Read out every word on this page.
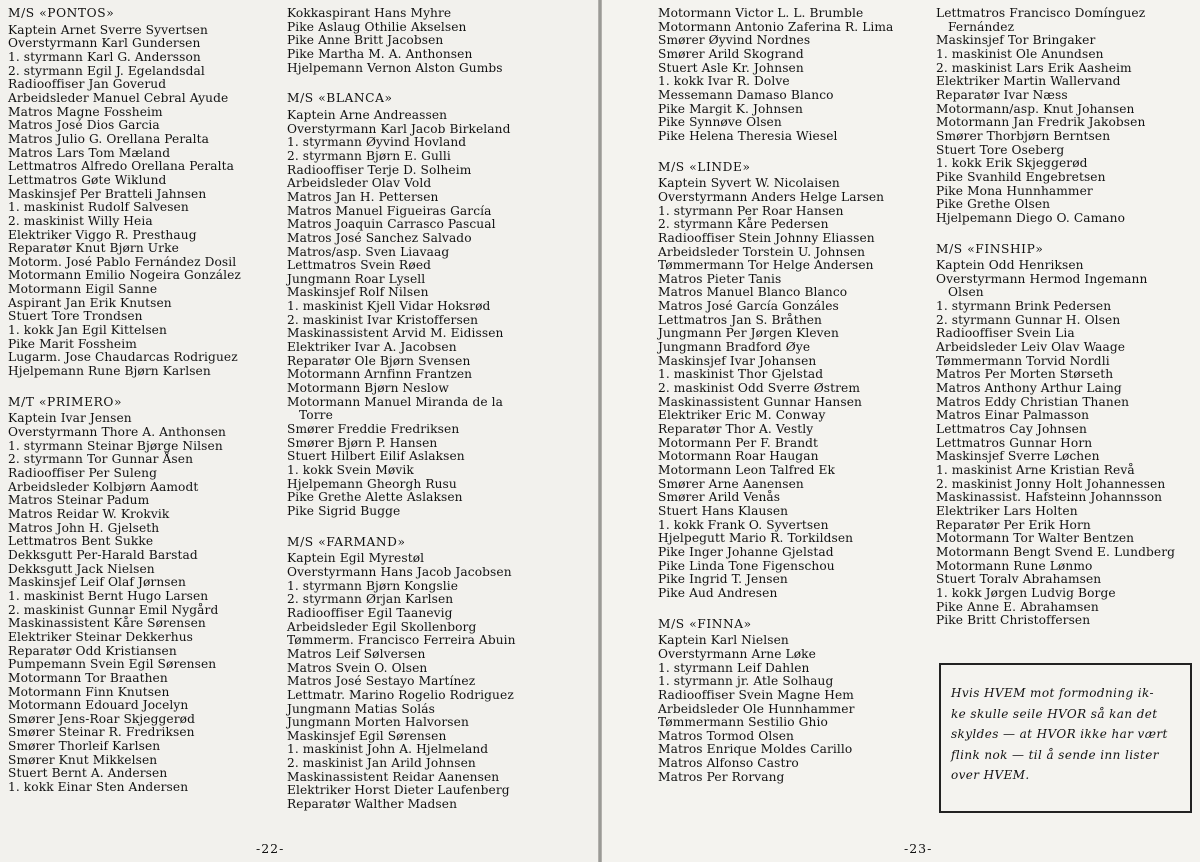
M/S «PONTOS»
Kaptein Arnet Sverre Syvertsen
Overstyrmann Karl Gundersen
1. styrmann Karl G. Andersson
2. styrmann Egil J. Egelandsdal
Radiooffiser Jan Goverud
Arbeidsleder Manuel Cebral Ayude
Matros Magne Fossheim
Matros José Dios Garcia
Matros Julio G. Orellana Peralta
Matros Lars Tom Mæland
Lettmatros Alfredo Orellana Peralta
Lettmatros Gøte Wiklund
Maskinsjef Per Bratteli Jahnsen
1. maskinist Rudolf Salvesen
2. maskinist Willy Heia
Elektriker Viggo R. Presthaug
Reparatør Knut Bjørn Urke
Motorm. José Pablo Fernández Dosil
Motormann Emilio Nogeira González
Motormann Eigil Sanne
Aspirant Jan Erik Knutsen
Stuert Tore Trondsen
1. kokk Jan Egil Kittelsen
Pike Marit Fossheim
Lugarm. Jose Chaudarcas Rodriguez
Hjelpemann Rune Bjørn Karlsen
M/T «PRIMERO»
Kaptein Ivar Jensen
Overstyrmann Thore A. Anthonsen
1. styrmann Steinar Bjørge Nilsen
2. styrmann Tor Gunnar Åsen
Radiooffiser Per Suleng
Arbeidsleder Kolbjørn Aamodt
Matros Steinar Padum
Matros Reidar W. Krokvik
Matros John H. Gjelseth
Lettmatros Bent Sukke
Dekksgutt Per-Harald Barstad
Dekksgutt Jack Nielsen
Maskinsjef Leif Olaf Jørnsen
1. maskinist Bernt Hugo Larsen
2. maskinist Gunnar Emil Nygård
Maskinassistent Kåre Sørensen
Elektriker Steinar Dekkerhus
Reparatør Odd Kristiansen
Pumpemann Svein Egil Sørensen
Motormann Tor Braathen
Motormann Finn Knutsen
Motormann Edouard Jocelyn
Smører Jens-Roar Skjeggerød
Smører Steinar R. Fredriksen
Smører Thorleif Karlsen
Smører Knut Mikkelsen
Stuert Bernt A. Andersen
1. kokk Einar Sten Andersen
Kokkaspirant Hans Myhre
Pike Aslaug Othilie Akselsen
Pike Anne Britt Jacobsen
Pike Martha M. A. Anthonsen
Hjelpemann Vernon Alston Gumbs
M/S «BLANCA»
Kaptein Arne Andreassen
Overstyrmann Karl Jacob Birkeland
1. styrmann Øyvind Hovland
2. styrmann Bjørn E. Gulli
Radiooffiser Terje D. Solheim
Arbeidsleder Olav Vold
Matros Jan H. Pettersen
Matros Manuel Figueiras García
Matros Joaquin Carrasco Pascual
Matros José Sanchez Salvado
Matros/asp. Sven Liavaag
Lettmatros Svein Røed
Jungmann Roar Lysell
Maskinsjef Rolf Nilsen
1. maskinist Kjell Vidar Hoksrød
2. maskinist Ivar Kristoffersen
Maskinassistent Arvid M. Eidissen
Elektriker Ivar A. Jacobsen
Reparatør Ole Bjørn Svensen
Motormann Arnfinn Frantzen
Motormann Bjørn Neslow
Motormann Manuel Miranda de la
Torre
Smører Freddie Fredriksen
Smører Bjørn P. Hansen
Stuert Hilbert Eilif Aslaksen
1. kokk Svein Møvik
Hjelpemann Gheorgh Rusu
Pike Grethe Alette Aslaksen
Pike Sigrid Bugge
M/S «FARMAND»
Kaptein Egil Myrestøl
Overstyrmann Hans Jacob Jacobsen
1. styrmann Bjørn Kongslie
2. styrmann Ørjan Karlsen
Radiooffiser Egil Taanevig
Arbeidsleder Egil Skollenborg
Tømmerm. Francisco Ferreira Abuin
Matros Leif Sølversen
Matros Svein O. Olsen
Matros José Sestayo Martínez
Lettmatr. Marino Rogelio Rodriguez
Jungmann Matias Solás
Jungmann Morten Halvorsen
Maskinsjef Egil Sørensen
1. maskinist John A. Hjelmeland
2. maskinist Jan Arild Johnsen
Maskinassistent Reidar Aanensen
Elektriker Horst Dieter Laufenberg
Reparatør Walther Madsen
-22-
Motormann Victor L. L. Brumble
Motormann Antonio Zaferina R. Lima
Smører Øyvind Nordnes
Smører Arild Skogrand
Stuert Asle Kr. Johnsen
1. kokk Ivar R. Dolve
Messemann Damaso Blanco
Pike Margit K. Johnsen
Pike Synnøve Olsen
Pike Helena Theresia Wiesel
M/S «LINDE»
Kaptein Syvert W. Nicolaisen
Overstyrmann Anders Helge Larsen
1. styrmann Per Roar Hansen
2. styrmann Kåre Pedersen
Radiooffiser Stein Johnny Eliassen
Arbeidsleder Torstein U. Johnsen
Tømmermann Tor Helge Andersen
Matros Pieter Tanis
Matros Manuel Blanco Blanco
Matros José García Gonzáles
Lettmatros Jan S. Bråthen
Jungmann Per Jørgen Kleven
Jungmann Bradford Øye
Maskinsjef Ivar Johansen
1. maskinist Thor Gjelstad
2. maskinist Odd Sverre Østrem
Maskinassistent Gunnar Hansen
Elektriker Eric M. Conway
Reparatør Thor A. Vestly
Motormann Per F. Brandt
Motormann Roar Haugan
Motormann Leon Talfred Ek
Smører Arne Aanensen
Smører Arild Venås
Stuert Hans Klausen
1. kokk Frank O. Syvertsen
Hjelpegutt Mario R. Torkildsen
Pike Inger Johanne Gjelstad
Pike Linda Tone Figenschou
Pike Ingrid T. Jensen
Pike Aud Andresen
M/S «FINNA»
Kaptein Karl Nielsen
Overstyrmann Arne Løke
1. styrmann Leif Dahlen
1. styrmann jr. Atle Solhaug
Radiooffiser Svein Magne Hem
Arbeidsleder Ole Hunnhammer
Tømmermann Sestilio Ghio
Matros Tormod Olsen
Matros Enrique Moldes Carillo
Matros Alfonso Castro
Matros Per Rorvang
Lettmatros Francisco Domínguez
Fernández
Maskinsjef Tor Bringaker
1. maskinist Ole Anundsen
2. maskinist Lars Erik Aasheim
Elektriker Martin Wallervand
Reparatør Ivar Næss
Motormann/asp. Knut Johansen
Motormann Jan Fredrik Jakobsen
Smører Thorbjørn Berntsen
Stuert Tore Oseberg
1. kokk Erik Skjeggerød
Pike Svanhild Engebretsen
Pike Mona Hunnhammer
Pike Grethe Olsen
Hjelpemann Diego O. Camano
M/S «FINSHIP»
Kaptein Odd Henriksen
Overstyrmann Hermod Ingemann
Olsen
1. styrmann Brink Pedersen
2. styrmann Gunnar H. Olsen
Radiooffiser Svein Lia
Arbeidsleder Leiv Olav Waage
Tømmermann Torvid Nordli
Matros Per Morten Størseth
Matros Anthony Arthur Laing
Matros Eddy Christian Thanen
Matros Einar Palmasson
Lettmatros Cay Johnsen
Lettmatros Gunnar Horn
Maskinsjef Sverre Løchen
1. maskinist Arne Kristian Revå
2. maskinist Jonny Holt Johannessen
Maskinassist. Hafsteinn Johannsson
Elektriker Lars Holten
Reparatør Per Erik Horn
Motormann Tor Walter Bentzen
Motormann Bengt Svend E. Lundberg
Motormann Rune Lønmo
Stuert Toralv Abrahamsen
1. kokk Jørgen Ludvig Borge
Pike Anne E. Abrahamsen
Pike Britt Christoffersen
-23-
Hvis HVEM mot formodning ik-
ke skulle seile HVOR så kan det
skyldes — at HVOR ikke har vært
flink nok — til å sende inn lister
over HVEM.
